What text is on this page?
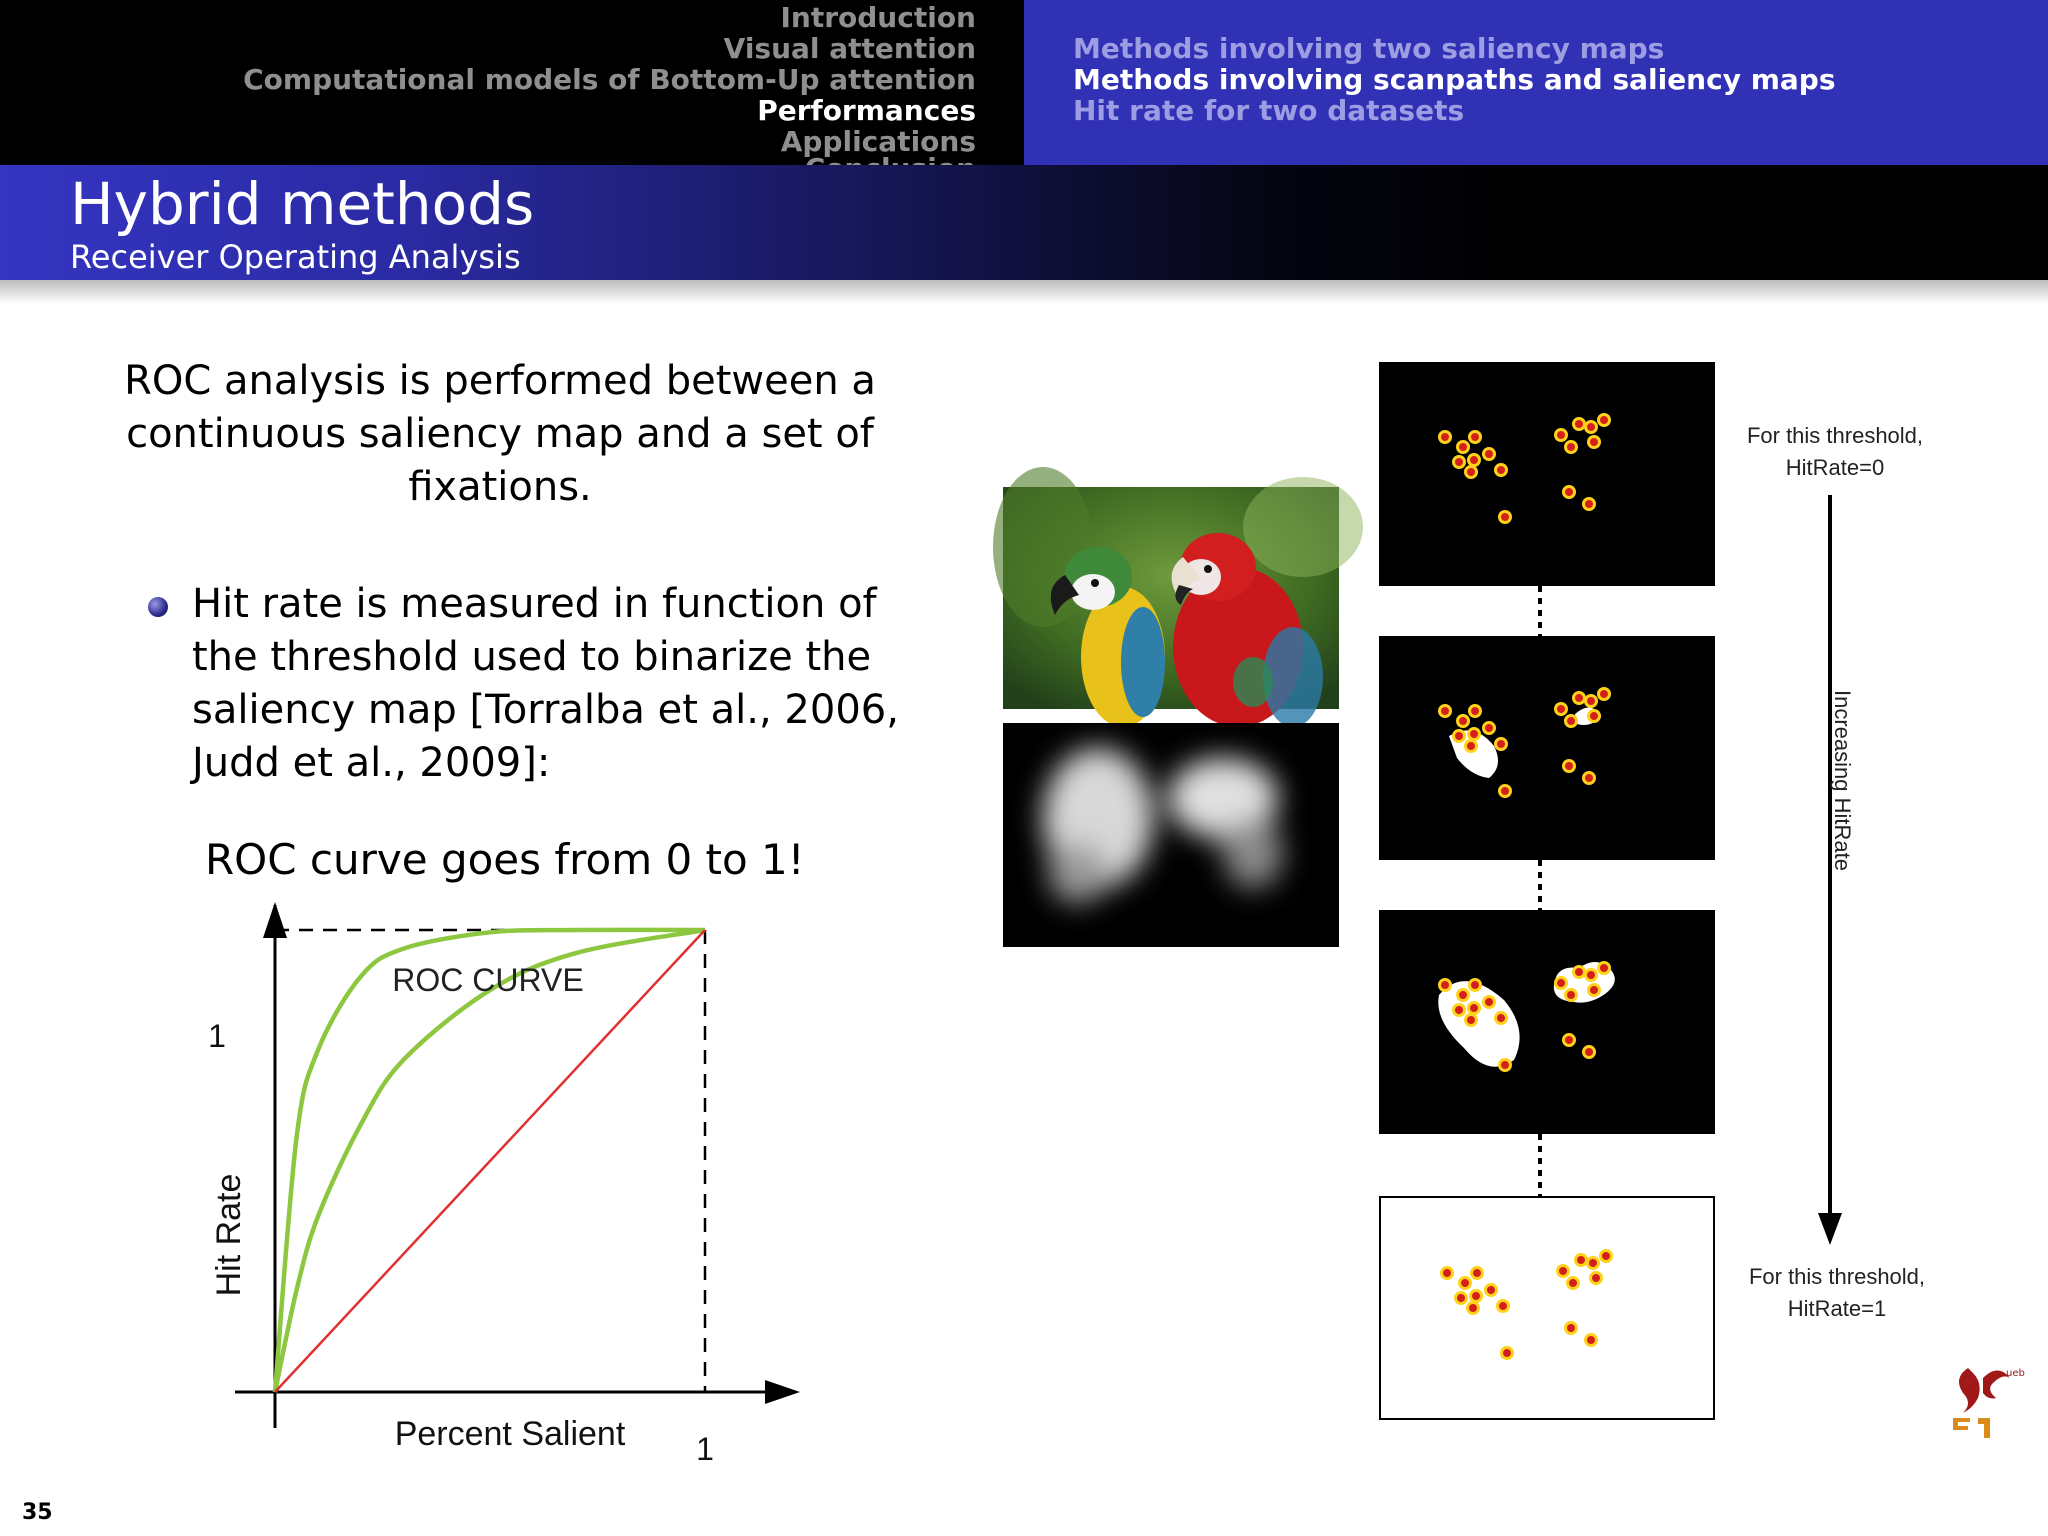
Introduction
Visual attention
Computational models of Bottom-Up attention
Performances
Applications
Methods involving two saliency maps
Methods involving scanpaths and saliency maps
Hit rate for two datasets
Hybrid methods
Receiver Operating Analysis
ROC analysis is performed between a continuous saliency map and a set of fixations.
Hit rate is measured in function of the threshold used to binarize the saliency map [Torralba et al., 2006, Judd et al., 2009]:
ROC curve goes from 0 to 1!
ROC CURVE
Percent Salient
Hit Rate
1
1
For this threshold,
HitRate=0
For this threshold,
HitRate=1
Increasing HitRate
ueb
35
